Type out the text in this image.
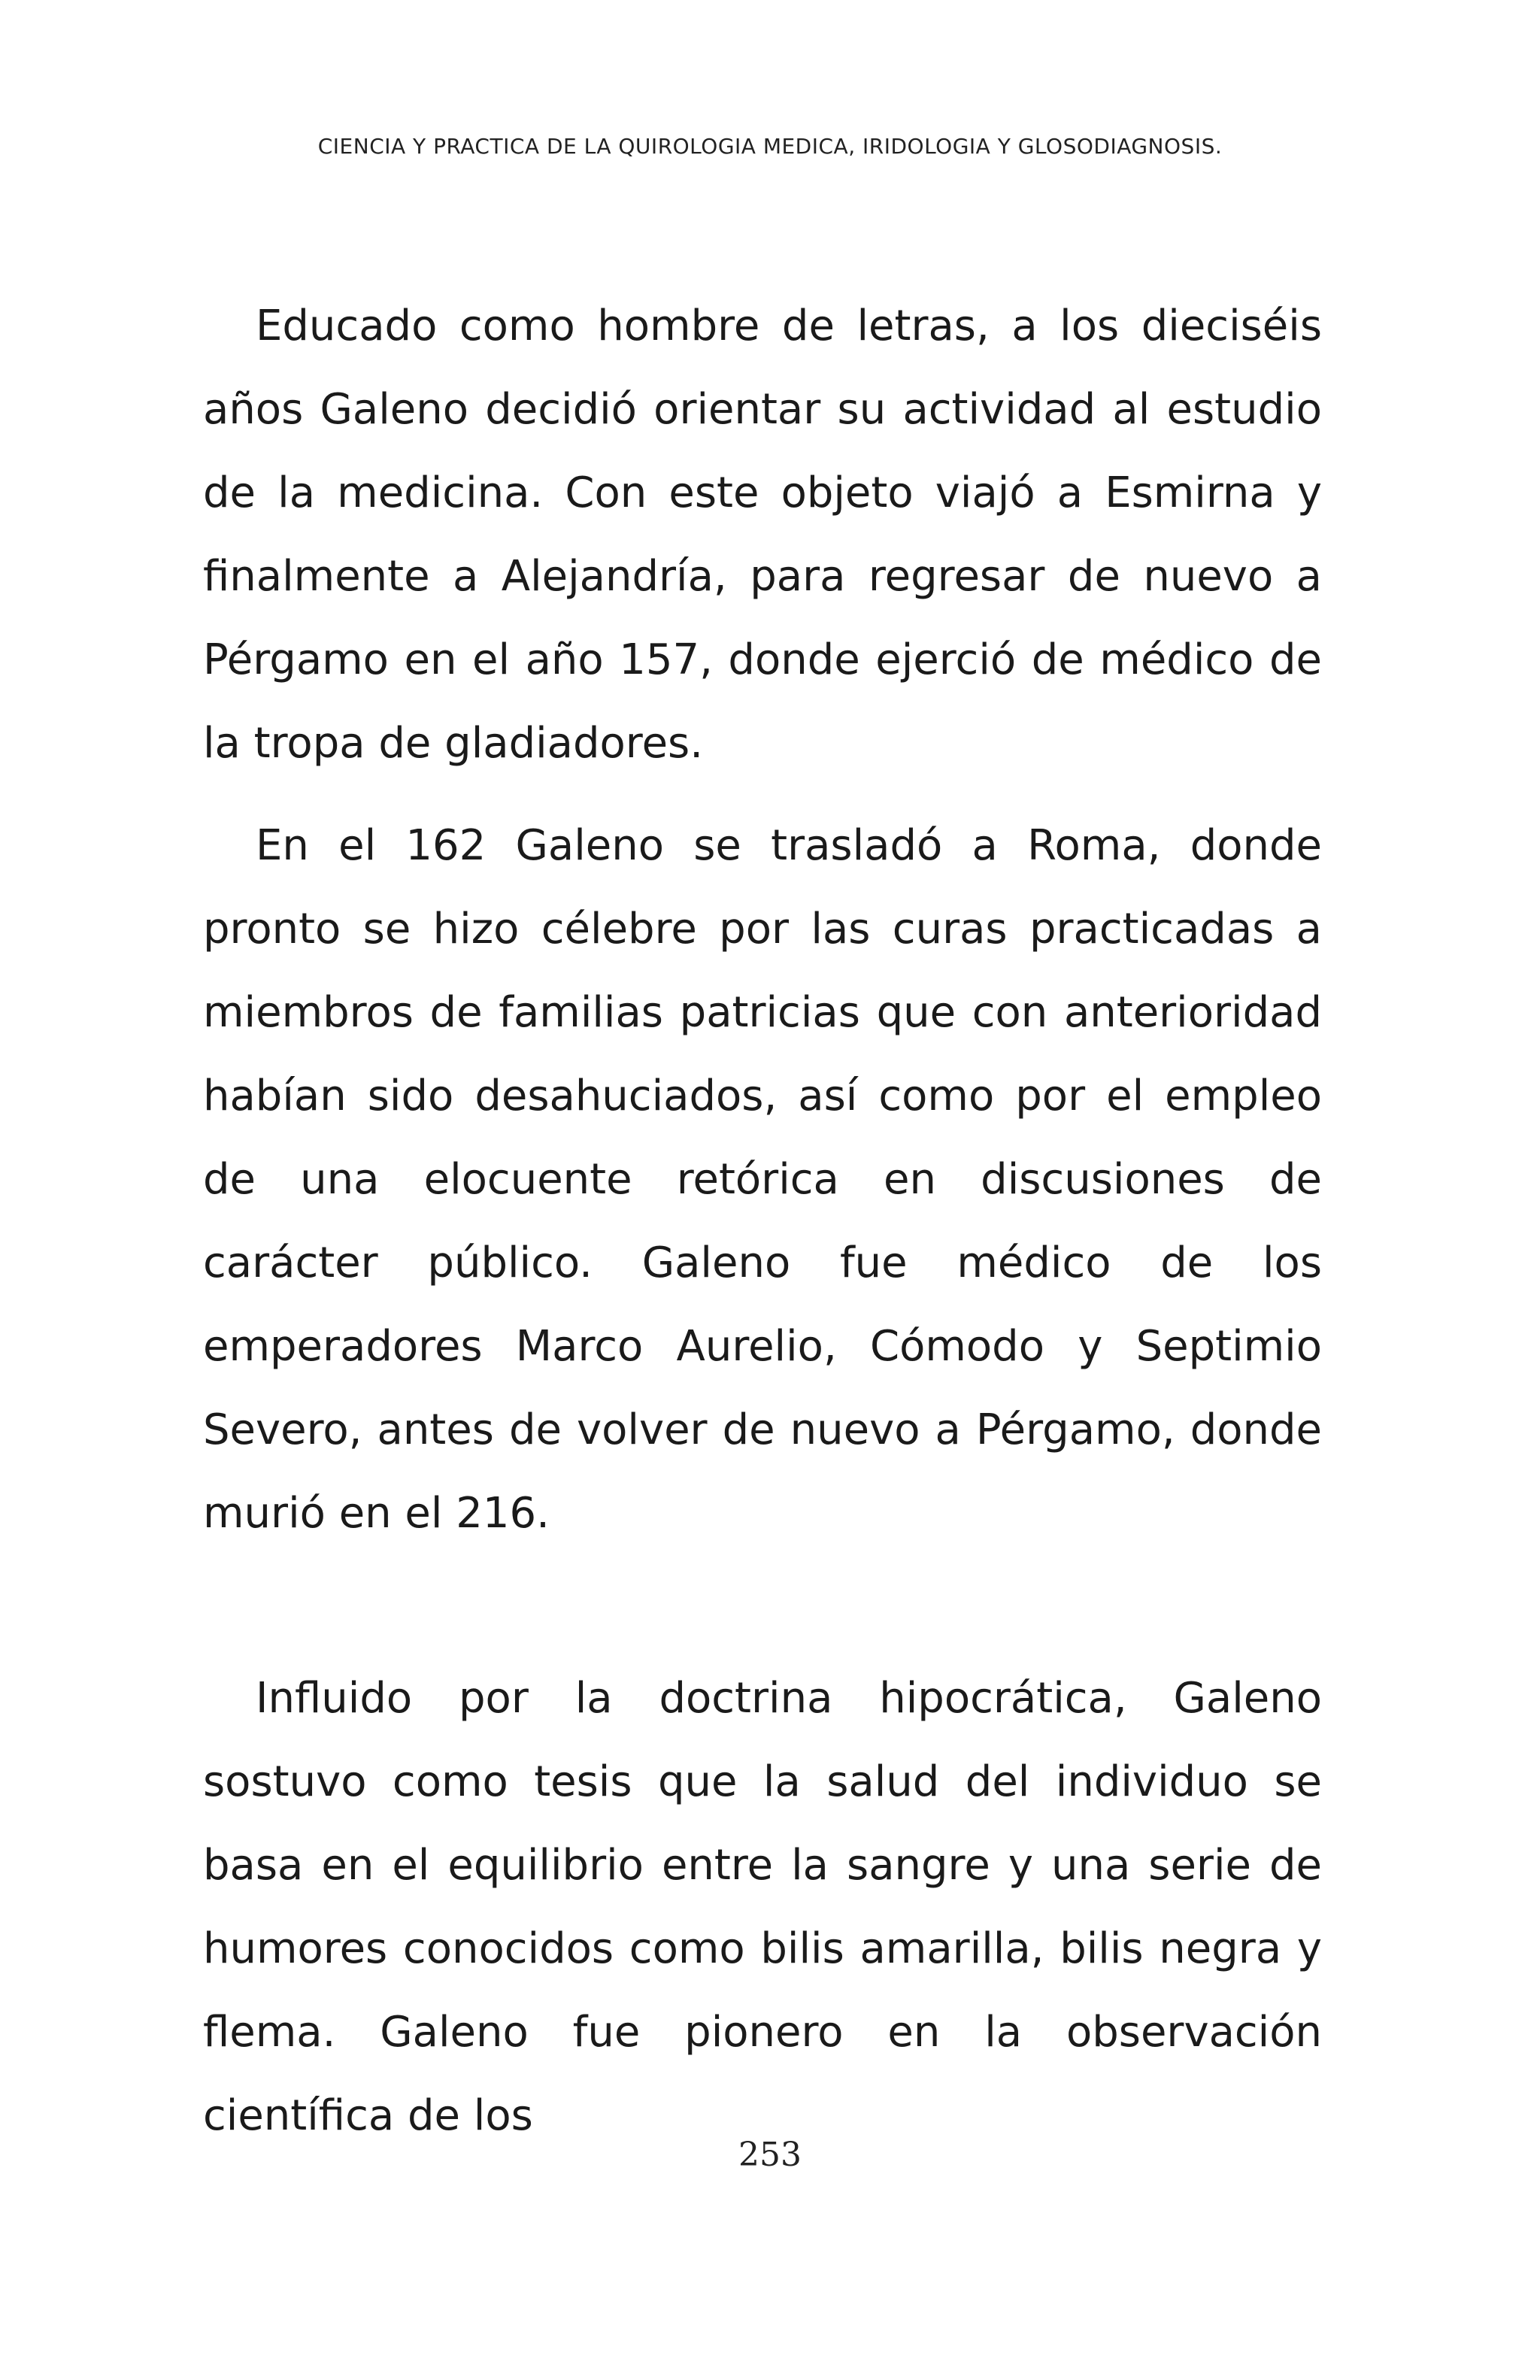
CIENCIA Y PRACTICA DE LA QUIROLOGIA MEDICA, IRIDOLOGIA Y GLOSODIAGNOSIS.

Educado como hombre de letras, a los dieciséis años Galeno decidió orientar su actividad al estudio de la medicina. Con este objeto viajó a Esmirna y finalmente a Alejandría, para regresar de nuevo a Pérgamo en el año 157, donde ejerció de médico de la tropa de gladiadores.

En el 162 Galeno se trasladó a Roma, donde pronto se hizo célebre por las curas practicadas a miembros de familias patricias que con anterioridad habían sido desahuciados, así como por el empleo de una elocuente retórica en discusiones de carácter público. Galeno fue médico de los emperadores Marco Aurelio, Cómodo y Septimio Severo, antes de volver de nuevo a Pérgamo, donde murió en el 216.

Influido por la doctrina hipocrática, Galeno sostuvo como tesis que la salud del individuo se basa en el equilibrio entre la sangre y una serie de humores conocidos como bilis amarilla, bilis negra y flema. Galeno fue pionero en la observación científica de los

253
